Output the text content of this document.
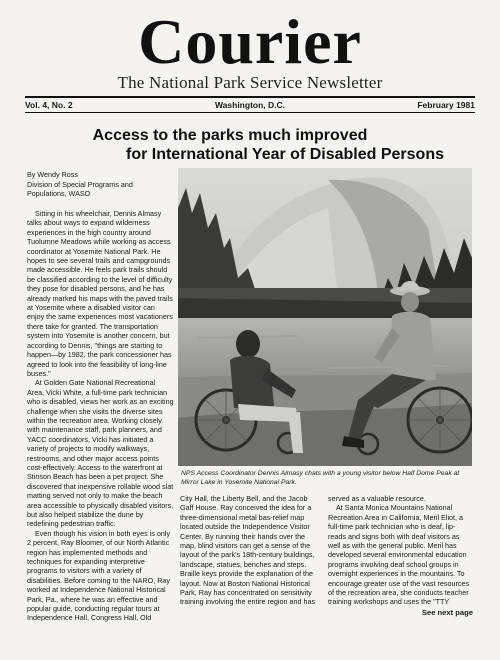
Courier
The National Park Service Newsletter
Vol. 4, No. 2	Washington, D.C.	February 1981
Access to the parks much improved
for International Year of Disabled Persons
By Wendy Ross
Division of Special Programs and
Populations, WASO

Sitting in his wheelchair, Dennis Almasy talks about ways to expand wilderness experiences in the high country around Tuolumne Meadows while working as access coordinator at Yosemite National Park. He hopes to see several trails and campgrounds made accessible. He feels park trails should be classified according to the level of difficulty they pose for disabled persons, and he has already marked his maps with the paved trails at Yosemite where a disabled visitor can enjoy the same experiences most vacationers there take for granted. The transportation system into Yosemite is another concern, but according to Dennis, "things are starting to happen—by 1982, the park concessioner has agreed to look into the feasibility of long-line buses."

At Golden Gate National Recreational Area, Vicki White, a full-time park technician who is disabled, views her work as an exciting challenge when she visits the diverse sites within the recreation area. Working closely with maintenance staff, park planners, and YACC coordinators, Vicki has initiated a variety of projects to modify walkways, restrooms, and other major access points cost-effectively. Access to the waterfront at Stinson Beach has been a pet project. She discovered that inexpensive rollable wood slat matting served not only to make the beach area accessible to physically disabled visitors, but also helped stabilize the dune by redefining pedestrian traffic.

Even though his vision in both eyes is only 2 percent, Ray Bloomer, of our North Atlantic region has implemented methods and techniques for expanding interpretive programs to visitors with a variety of disabilities. Before coming to the NARO, Ray worked at Independence National Historical Park, Pa., where he was an effective and popular guide, conducting regular tours at Independence Hall, Congress Hall, Old

NPS Access Coordinator Dennis Almasy chats with a young visitor below Half Dome Peak at Mirror Lake in Yosemite National Park.

City Hall, the Liberty Bell, and the Jacob Gaff House. Ray conceived the idea for a three-dimensional metal bas-relief map located outside the Independence Visitor Center. By running their hands over the map, blind visitors can get a sense of the layout of the park's 18th-century buildings, landscape, statues, benches and steps. Braille keys provide the explanation of the layout. Now at Boston National Historical Park, Ray has concentrated on sensitivity training involving the entire region and has

served as a valuable resource.

At Santa Monica Mountains National Recreation Area in California, Meril Eliot, a full-time park technician who is deaf, lip-reads and signs both with deaf visitors as well as with the general public. Meril has developed several environmental education programs involving deaf school groups in overnight experiences in the mountains. To encourage greater use of the vast resources of the recreation area, she conducts teacher training workshops and uses the "TTY

See next page
